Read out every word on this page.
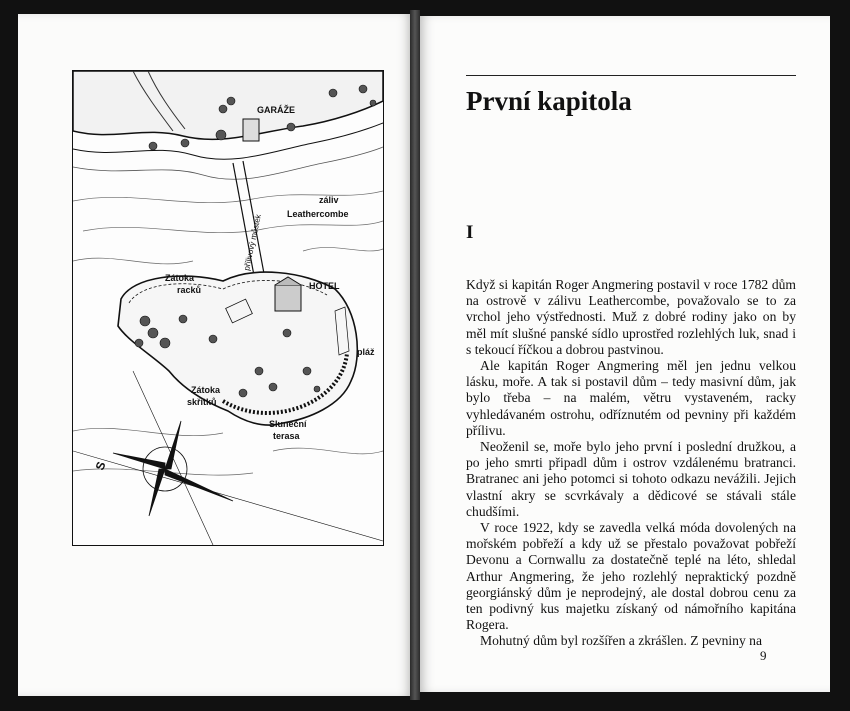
GARÁŽE
záliv
Leathercombe
přílivový můstek
Zátoka
racků	HOTEL
pláž
Zátoka
skřítků
Sluneční
terasa
S
První kapitola
I

Když si kapitán Roger Angmering postavil v roce 1782 dům na ostrově v zálivu Leathercombe, považovalo se to za vrchol jeho výstřednosti. Muž z dobré rodiny jako on by měl mít slušné panské sídlo uprostřed rozlehlých luk, snad i s tekoucí říčkou a dobrou pastvinou.

Ale kapitán Roger Angmering měl jen jednu velkou lásku, moře. A tak si postavil dům – tedy masivní dům, jak bylo třeba – na malém, větru vystaveném, racky vyhledávaném ostrohu, odříznutém od pevniny při každém přílivu.

Neoženil se, moře bylo jeho první i poslední družkou, a po jeho smrti připadl dům i ostrov vzdálenému bratranci. Bratranec ani jeho potomci si tohoto odkazu nevážili. Jejich vlastní akry se scvrkávaly a dědicové se stávali stále chudšími.

V roce 1922, kdy se zavedla velká móda dovolených na mořském pobřeží a kdy už se přestalo považovat pobřeží Devonu a Cornwallu za dostatečně teplé na léto, shledal Arthur Angmering, že jeho rozlehlý nepraktický pozdně georgiánský dům je neprodejný, ale dostal dobrou cenu za ten podivný kus majetku získaný od námořního kapitána Rogera.

Mohutný dům byl rozšířen a zkrášlen. Z pevniny na

9
